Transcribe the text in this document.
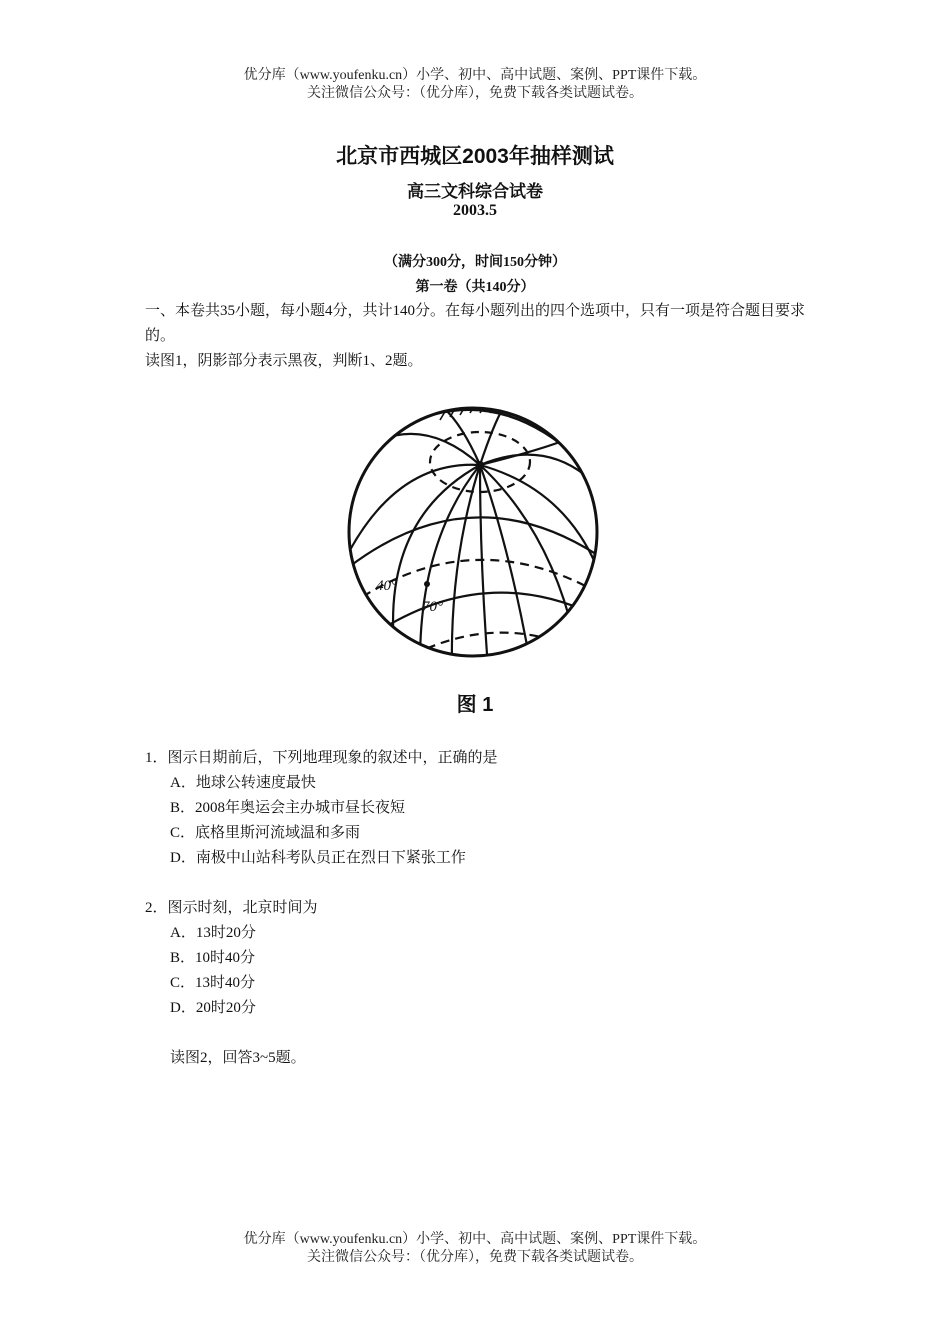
优分库（www.youfenku.cn）小学、初中、高中试题、案例、PPT课件下载。
关注微信公众号：（优分库），免费下载各类试题试卷。
北京市西城区2003年抽样测试
高三文科综合试卷
2003.5
（满分300分，时间150分钟）
第一卷（共140分）
一、本卷共35小题，每小题4分，共计140分。在每小题列出的四个选项中，只有一项是符合题目要求的。
读图1，阴影部分表示黑夜，判断1、2题。
40°
70°
图 1
1．图示日期前后，下列地理现象的叙述中，正确的是
A．地球公转速度最快
B．2008年奥运会主办城市昼长夜短
C．底格里斯河流域温和多雨
D．南极中山站科考队员正在烈日下紧张工作
2．图示时刻，北京时间为
A．13时20分
B．10时40分
C．13时40分
D．20时20分
读图2，回答3~5题。
优分库（www.youfenku.cn）小学、初中、高中试题、案例、PPT课件下载。
关注微信公众号：（优分库），免费下载各类试题试卷。
